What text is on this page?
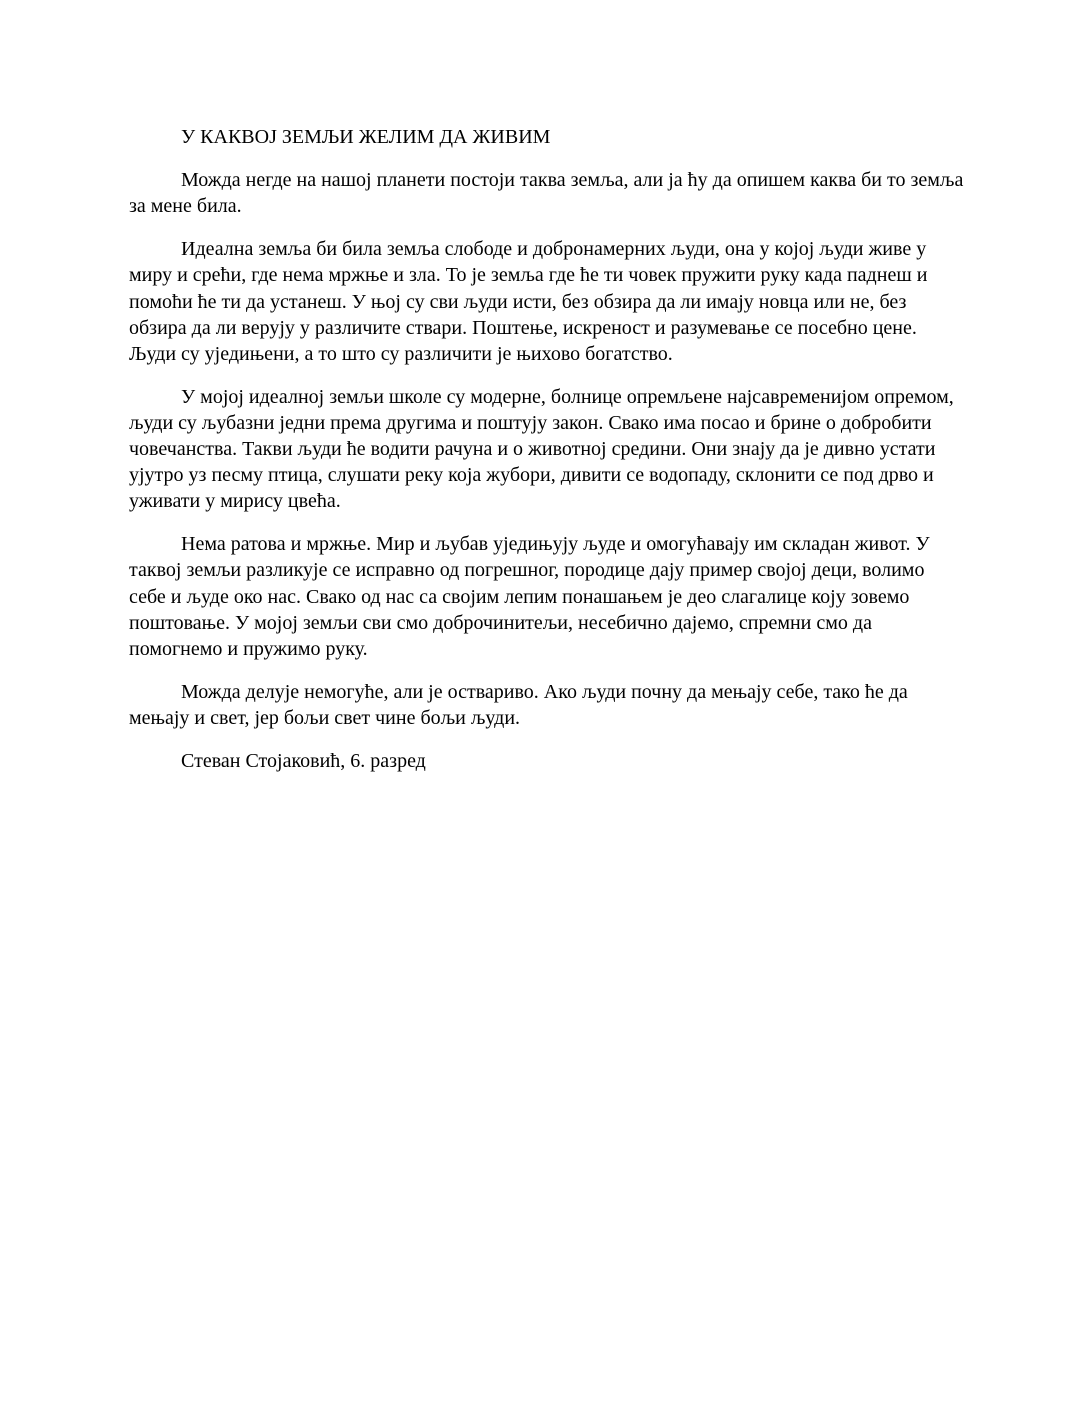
У КАКВОЈ ЗЕМЉИ ЖЕЛИМ ДА ЖИВИМ

Можда негде на нашој планети постоји таква земља, али ја ћу да опишем каква би то земља за мене била.

Идеална земља би била земља слободе и добронамерних људи, она у којој људи живе у миру и срећи, где нема мржње и зла. То је земља где ће ти човек пружити руку када паднеш и помоћи ће ти да устанеш. У њој су сви људи исти, без обзира да ли имају новца или не, без обзира да ли верују у различите ствари. Поштење, искреност и разумевање се посебно цене. Људи су уједињени, а то што су различити је њихово богатство.

У мојој идеалној земљи школе су модерне, болнице опремљене најсавременијом опремом, људи су љубазни једни према другима и поштују закон. Свако има посао и брине о добробити човечанства. Такви људи ће водити рачуна и о животној средини. Они знају да је дивно устати ујутро уз песму птица, слушати реку која жубори, дивити се водопаду, склонити се под дрво и уживати у мирису цвећа.

Нема ратова и мржње. Мир и љубав уједињују људе и омогућавају им складан живот. У таквој земљи разликује се исправно од погрешног, породице дају пример својој деци, волимо себе и људе око нас. Свако од нас са својим лепим понашањем је део слагалице коју зовемо поштовање. У мојој земљи сви смо доброчинитељи, несебично дајемо, спремни смо да помогнемо и пружимо руку.

Можда делује немогуће, али је оствариво. Ако људи почну да мењају себе, тако ће да мењају и свет, јер бољи свет чине бољи људи.

Стеван Стојаковић, 6. разред
